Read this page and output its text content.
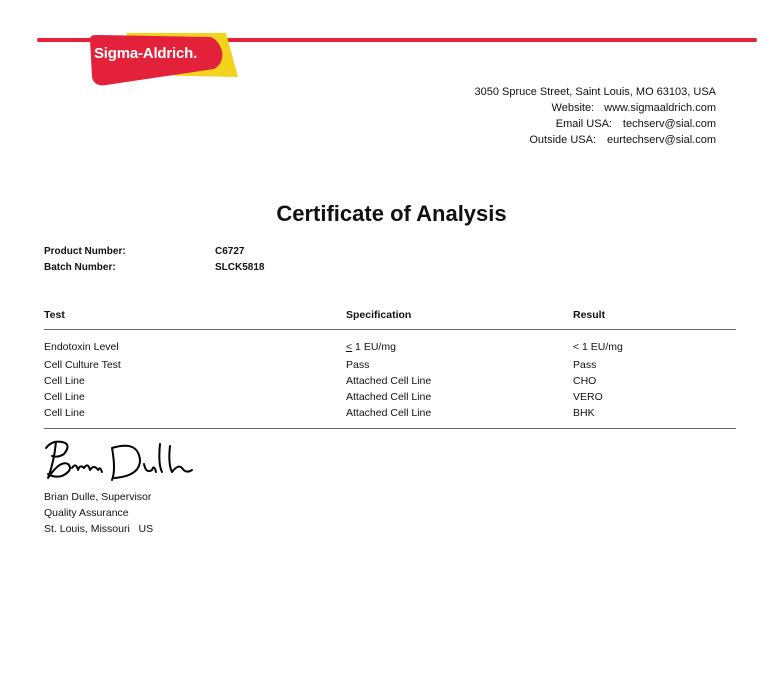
Sigma-Aldrich.
3050 Spruce Street, Saint Louis, MO 63103, USA
Website: www.sigmaaldrich.com
Email USA: techserv@sial.com
Outside USA: eurtechserv@sial.com
Certificate of Analysis
Product Number:	C6727
Batch Number:	SLCK5818
Test	Specification	Result
Endotoxin Level	≤ 1 EU/mg	< 1 EU/mg
Cell Culture Test	Pass	Pass
Cell Line	Attached Cell Line	CHO
Cell Line	Attached Cell Line	VERO
Cell Line	Attached Cell Line	BHK
Brian Dulle, Supervisor
Quality Assurance
St. Louis, Missouri   US
